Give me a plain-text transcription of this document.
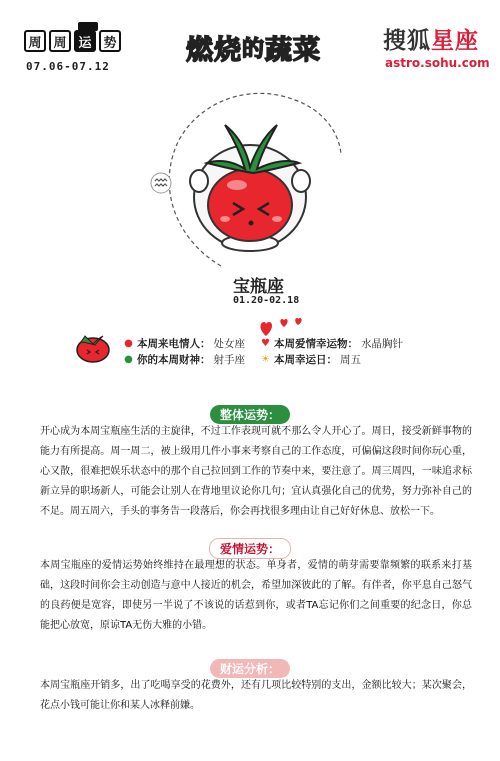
周 周 运 势
07.06-07.12
燃 烧 的 蔬 菜	搜狐星座
astro.sohu.com
宝瓶座
01.20-02.18
● 本周来电情人： 处女座
● 你的本周财神： 射手座
♥ 本周爱情幸运物： 水晶胸针
☀ 本周幸运日： 周五
整体运势：
开心成为本周宝瓶座生活的主旋律，不过工作表现可就不那么令人开心了。周日，接受新鲜事物的能力有所提高。周一周二，被上级用几件小事来考察自己的工作态度，可偏偏这段时间你玩心重，心又散，很难把娱乐状态中的那个自己拉回到工作的节奏中来，要注意了。周三周四，一味追求标新立异的职场新人，可能会让别人在背地里议论你几句；宜认真强化自己的优势，努力弥补自己的不足。周五周六，手头的事务告一段落后，你会再找很多理由让自己好好休息、放松一下。
爱情运势：
本周宝瓶座的爱情运势始终维持在最理想的状态。单身者，爱情的萌芽需要靠频繁的联系来打基础，这段时间你会主动创造与意中人接近的机会，希望加深彼此的了解。有伴者，你平息自己怒气的良药便是宽容，即使另一半说了不该说的话惹到你，或者TA忘记你们之间重要的纪念日，你总能把心放宽，原谅TA无伤大雅的小错。
财运分析：
本周宝瓶座开销多，出了吃喝享受的花费外，还有几项比较特别的支出，金额比较大；某次聚会，花点小钱可能让你和某人冰释前嫌。
